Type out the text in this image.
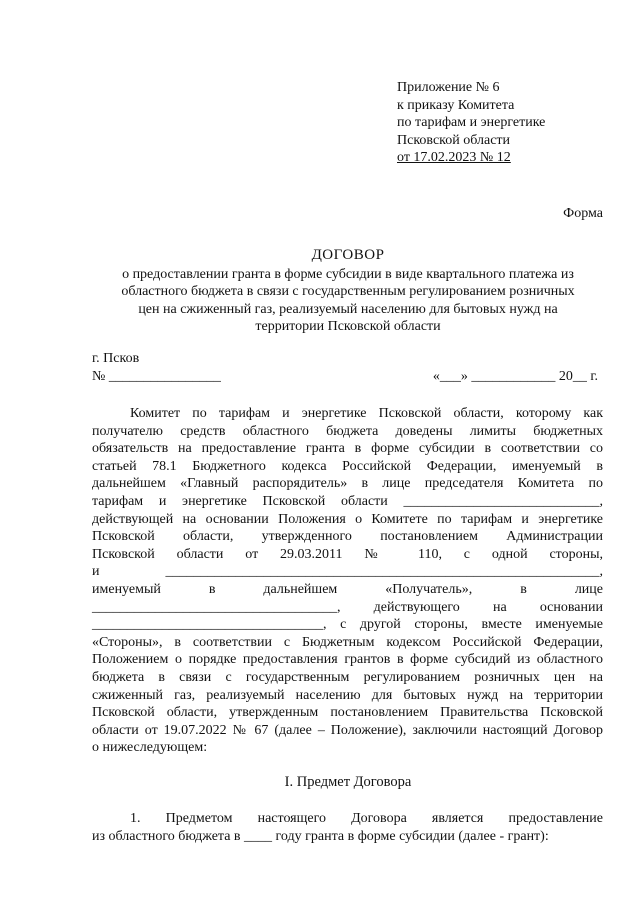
Приложение № 6
к приказу Комитета
по тарифам и энергетике
Псковской области
от 17.02.2023 № 12
Форма
ДОГОВОР
о предоставлении гранта в форме субсидии в виде квартального платежа из
областного бюджета в связи с государственным регулированием розничных
цен на сжиженный газ, реализуемый населению для бытовых нужд на
территории Псковской области
г. Псков
№ ________________	«___» ____________ 20__ г.

Комитет по тарифам и энергетике Псковской области, которому как

получателю средств областного бюджета доведены лимиты бюджетных

обязательств на предоставление гранта в форме субсидии в соответствии со

статьей 78.1 Бюджетного кодекса Российской Федерации, именуемый в

дальнейшем «Главный распорядитель» в лице председателя Комитета по

тарифам и энергетике Псковской области ____________________________,

действующей на основании Положения о Комитете по тарифам и энергетике

Псковской области, утвержденного постановлением Администрации

Псковской области от 29.03.2011 № 110, с одной стороны,

и ______________________________________________________________,

именуемый в дальнейшем «Получатель», в лице

___________________________________, действующего на основании

_________________________________, с другой стороны, вместе именуемые

«Стороны», в соответствии с Бюджетным кодексом Российской Федерации,

Положением о порядке предоставления грантов в форме субсидий из областного

бюджета в связи с государственным регулированием розничных цен на

сжиженный газ, реализуемый населению для бытовых нужд на территории

Псковской области, утвержденным постановлением Правительства Псковской

области от 19.07.2022 № 67 (далее – Положение), заключили настоящий Договор

о нижеследующем:

I. Предмет Договора

1. Предметом настоящего Договора является предоставление

из областного бюджета в ____ году гранта в форме субсидии (далее - грант):
